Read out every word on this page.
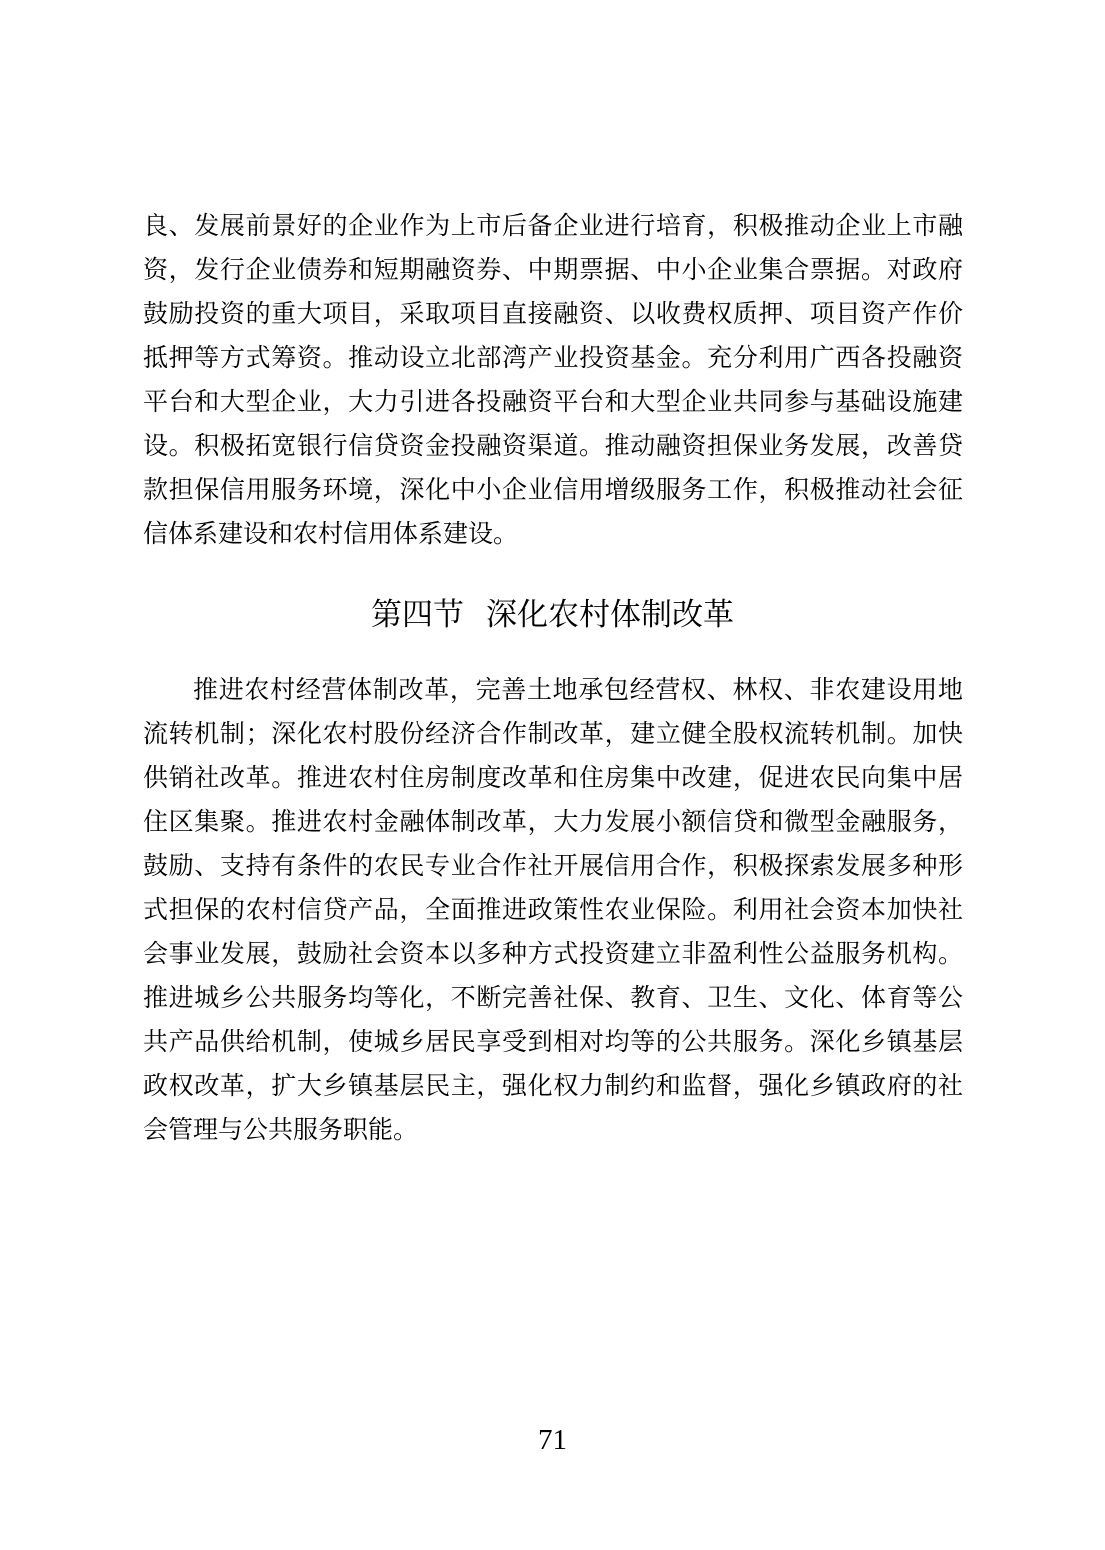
良、发展前景好的企业作为上市后备企业进行培育，积极推动企业上市融
资，发行企业债券和短期融资券、中期票据、中小企业集合票据。对政府
鼓励投资的重大项目，采取项目直接融资、以收费权质押、项目资产作价
抵押等方式筹资。推动设立北部湾产业投资基金。充分利用广西各投融资
平台和大型企业，大力引进各投融资平台和大型企业共同参与基础设施建
设。积极拓宽银行信贷资金投融资渠道。推动融资担保业务发展，改善贷
款担保信用服务环境，深化中小企业信用增级服务工作，积极推动社会征
信体系建设和农村信用体系建设。
第四节 深化农村体制改革
推进农村经营体制改革，完善土地承包经营权、林权、非农建设用地
流转机制；深化农村股份经济合作制改革，建立健全股权流转机制。加快
供销社改革。推进农村住房制度改革和住房集中改建，促进农民向集中居
住区集聚。推进农村金融体制改革，大力发展小额信贷和微型金融服务，
鼓励、支持有条件的农民专业合作社开展信用合作，积极探索发展多种形
式担保的农村信贷产品，全面推进政策性农业保险。利用社会资本加快社
会事业发展，鼓励社会资本以多种方式投资建立非盈利性公益服务机构。
推进城乡公共服务均等化，不断完善社保、教育、卫生、文化、体育等公
共产品供给机制，使城乡居民享受到相对均等的公共服务。深化乡镇基层
政权改革，扩大乡镇基层民主，强化权力制约和监督，强化乡镇政府的社
会管理与公共服务职能。
71
